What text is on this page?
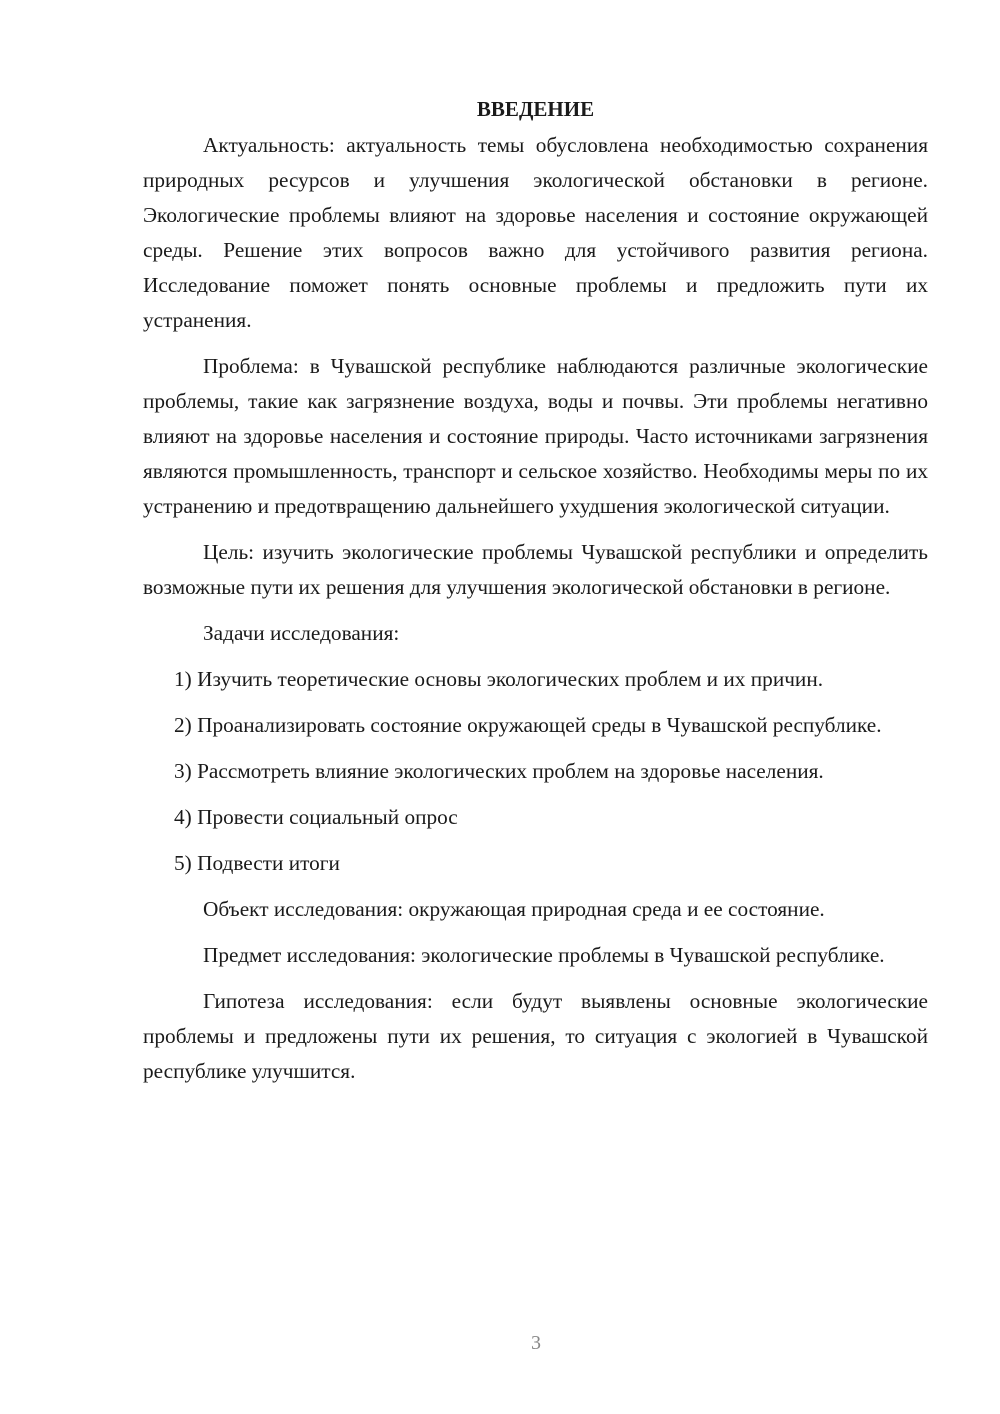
ВВЕДЕНИЕ

Актуальность: актуальность темы обусловлена необходимостью сохранения природных ресурсов и улучшения экологической обстановки в регионе. Экологические проблемы влияют на здоровье населения и состояние окружающей среды. Решение этих вопросов важно для устойчивого развития региона. Исследование поможет понять основные проблемы и предложить пути их устранения.

Проблема: в Чувашской республике наблюдаются различные экологические проблемы, такие как загрязнение воздуха, воды и почвы. Эти проблемы негативно влияют на здоровье населения и состояние природы. Часто источниками загрязнения являются промышленность, транспорт и сельское хозяйство. Необходимы меры по их устранению и предотвращению дальнейшего ухудшения экологической ситуации.

Цель: изучить экологические проблемы Чувашской республики и определить возможные пути их решения для улучшения экологической обстановки в регионе.

Задачи исследования:

1) Изучить теоретические основы экологических проблем и их причин.

2) Проанализировать состояние окружающей среды в Чувашской республике.

3) Рассмотреть влияние экологических проблем на здоровье населения.

4) Провести социальный опрос

5) Подвести итоги

Объект исследования: окружающая природная среда и ее состояние.

Предмет исследования: экологические проблемы в Чувашской республике.

Гипотеза исследования: если будут выявлены основные экологические проблемы и предложены пути их решения, то ситуация с экологией в Чувашской республике улучшится.

3
